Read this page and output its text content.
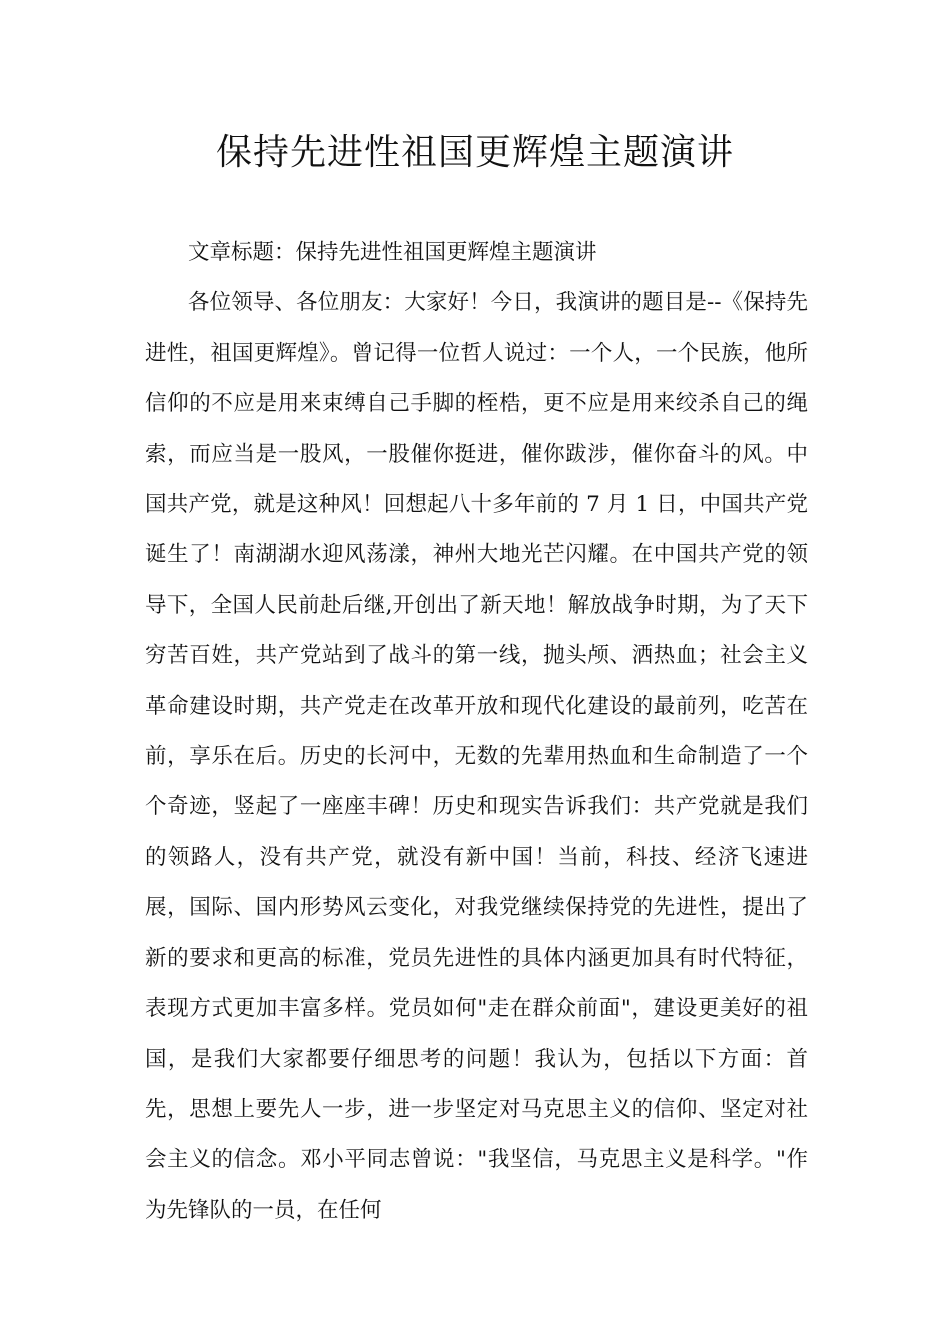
保持先进性祖国更辉煌主题演讲

文章标题：保持先进性祖国更辉煌主题演讲

各位领导、各位朋友：大家好！今日，我演讲的题目是--《保持先进性，祖国更辉煌》。曾记得一位哲人说过：一个人，一个民族，他所信仰的不应是用来束缚自己手脚的桎梏，更不应是用来绞杀自己的绳索，而应当是一股风，一股催你挺进，催你跋涉，催你奋斗的风。中国共产党，就是这种风！回想起八十多年前的 7 月 1 日，中国共产党诞生了！南湖湖水迎风荡漾，神州大地光芒闪耀。在中国共产党的领导下，全国人民前赴后继,开创出了新天地！解放战争时期，为了天下穷苦百姓，共产党站到了战斗的第一线，抛头颅、洒热血；社会主义革命建设时期，共产党走在改革开放和现代化建设的最前列，吃苦在前，享乐在后。历史的长河中，无数的先辈用热血和生命制造了一个个奇迹，竖起了一座座丰碑！历史和现实告诉我们：共产党就是我们的领路人，没有共产党，就没有新中国！当前，科技、经济飞速进展，国际、国内形势风云变化，对我党继续保持党的先进性，提出了新的要求和更高的标准，党员先进性的具体内涵更加具有时代特征，表现方式更加丰富多样。党员如何"走在群众前面"，建设更美好的祖国，是我们大家都要仔细思考的问题！我认为，包括以下方面：首先，思想上要先人一步，进一步坚定对马克思主义的信仰、坚定对社会主义的信念。邓小平同志曾说："我坚信，马克思主义是科学。"作为先锋队的一员，在任何
